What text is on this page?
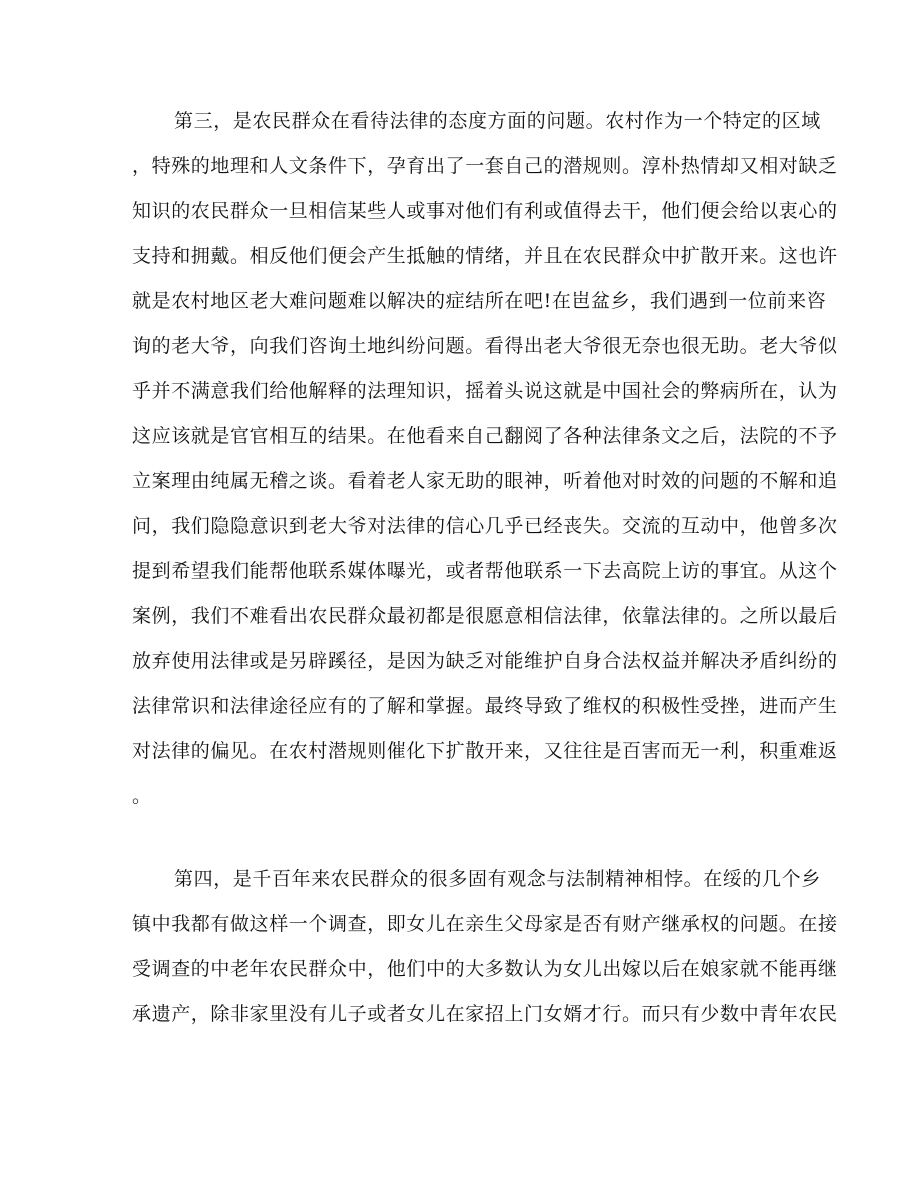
第三，是农民群众在看待法律的态度方面的问题。农村作为一个特定的区域
，特殊的地理和人文条件下，孕育出了一套自己的潜规则。淳朴热情却又相对缺乏
知识的农民群众一旦相信某些人或事对他们有利或值得去干，他们便会给以衷心的
支持和拥戴。相反他们便会产生抵触的情绪，并且在农民群众中扩散开来。这也许
就是农村地区老大难问题难以解决的症结所在吧!在岜盆乡，我们遇到一位前来咨
询的老大爷，向我们咨询土地纠纷问题。看得出老大爷很无奈也很无助。老大爷似
乎并不满意我们给他解释的法理知识，摇着头说这就是中国社会的弊病所在，认为
这应该就是官官相互的结果。在他看来自己翻阅了各种法律条文之后，法院的不予
立案理由纯属无稽之谈。看着老人家无助的眼神，听着他对时效的问题的不解和追
问，我们隐隐意识到老大爷对法律的信心几乎已经丧失。交流的互动中，他曾多次
提到希望我们能帮他联系媒体曝光，或者帮他联系一下去高院上访的事宜。从这个
案例，我们不难看出农民群众最初都是很愿意相信法律，依靠法律的。之所以最后
放弃使用法律或是另辟蹊径，是因为缺乏对能维护自身合法权益并解决矛盾纠纷的
法律常识和法律途径应有的了解和掌握。最终导致了维权的积极性受挫，进而产生
对法律的偏见。在农村潜规则催化下扩散开来，又往往是百害而无一利，积重难返
。
第四，是千百年来农民群众的很多固有观念与法制精神相悖。在绥的几个乡
镇中我都有做这样一个调查，即女儿在亲生父母家是否有财产继承权的问题。在接
受调查的中老年农民群众中，他们中的大多数认为女儿出嫁以后在娘家就不能再继
承遗产，除非家里没有儿子或者女儿在家招上门女婿才行。而只有少数中青年农民
